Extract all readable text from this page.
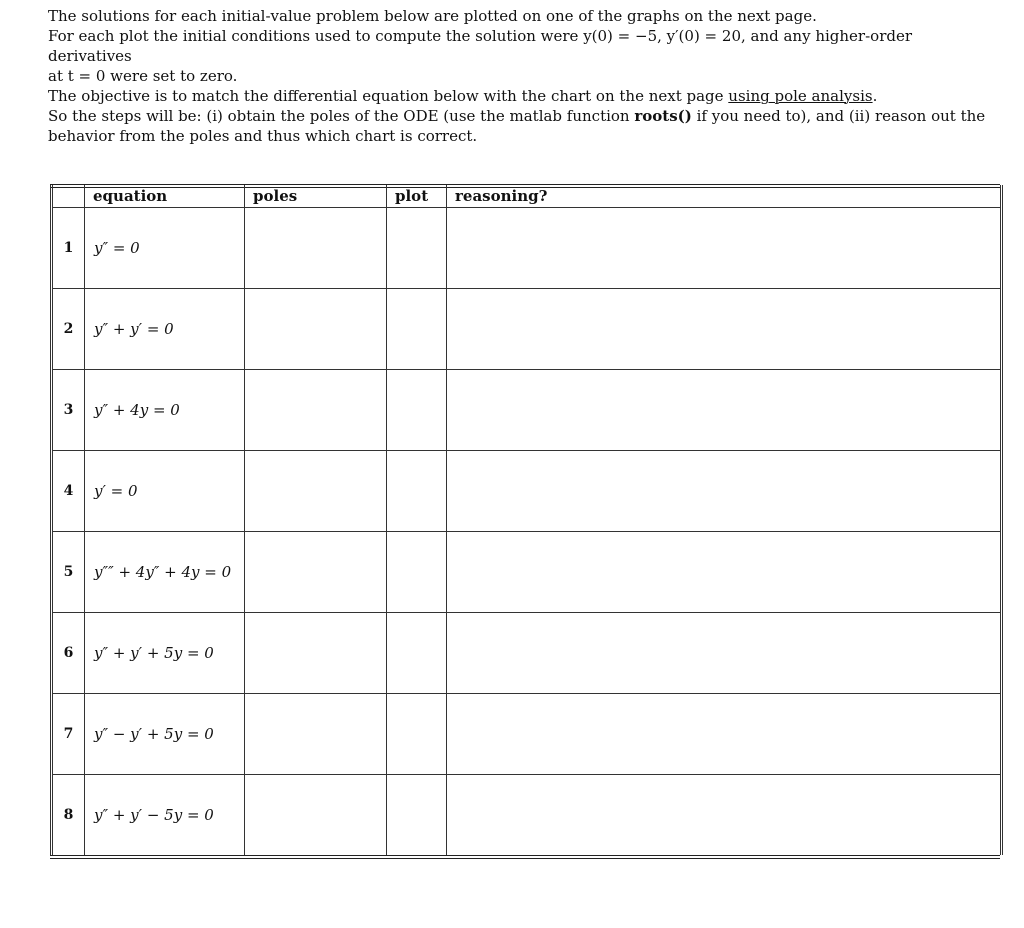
The solutions for each initial-value problem below are plotted on one of the graphs on the next page.
For each plot the initial conditions used to compute the solution were y(0) = −5, y′(0) = 20, and any higher-order derivatives
at t = 0 were set to zero.

The objective is to match the differential equation below with the chart on the next page using pole analysis.
So the steps will be: (i) obtain the poles of the ODE (use the matlab function roots() if you need to), and (ii) reason out the
behavior from the poles and thus which chart is correct.

	equation	poles	plot	reasoning?
1	y″ = 0			
2	y″ + y′ = 0			
3	y″ + 4y = 0			
4	y′ = 0			
5	y″″ + 4y″ + 4y = 0			
6	y″ + y′ + 5y = 0			
7	y″ − y′ + 5y = 0			
8	y″ + y′ − 5y = 0			
